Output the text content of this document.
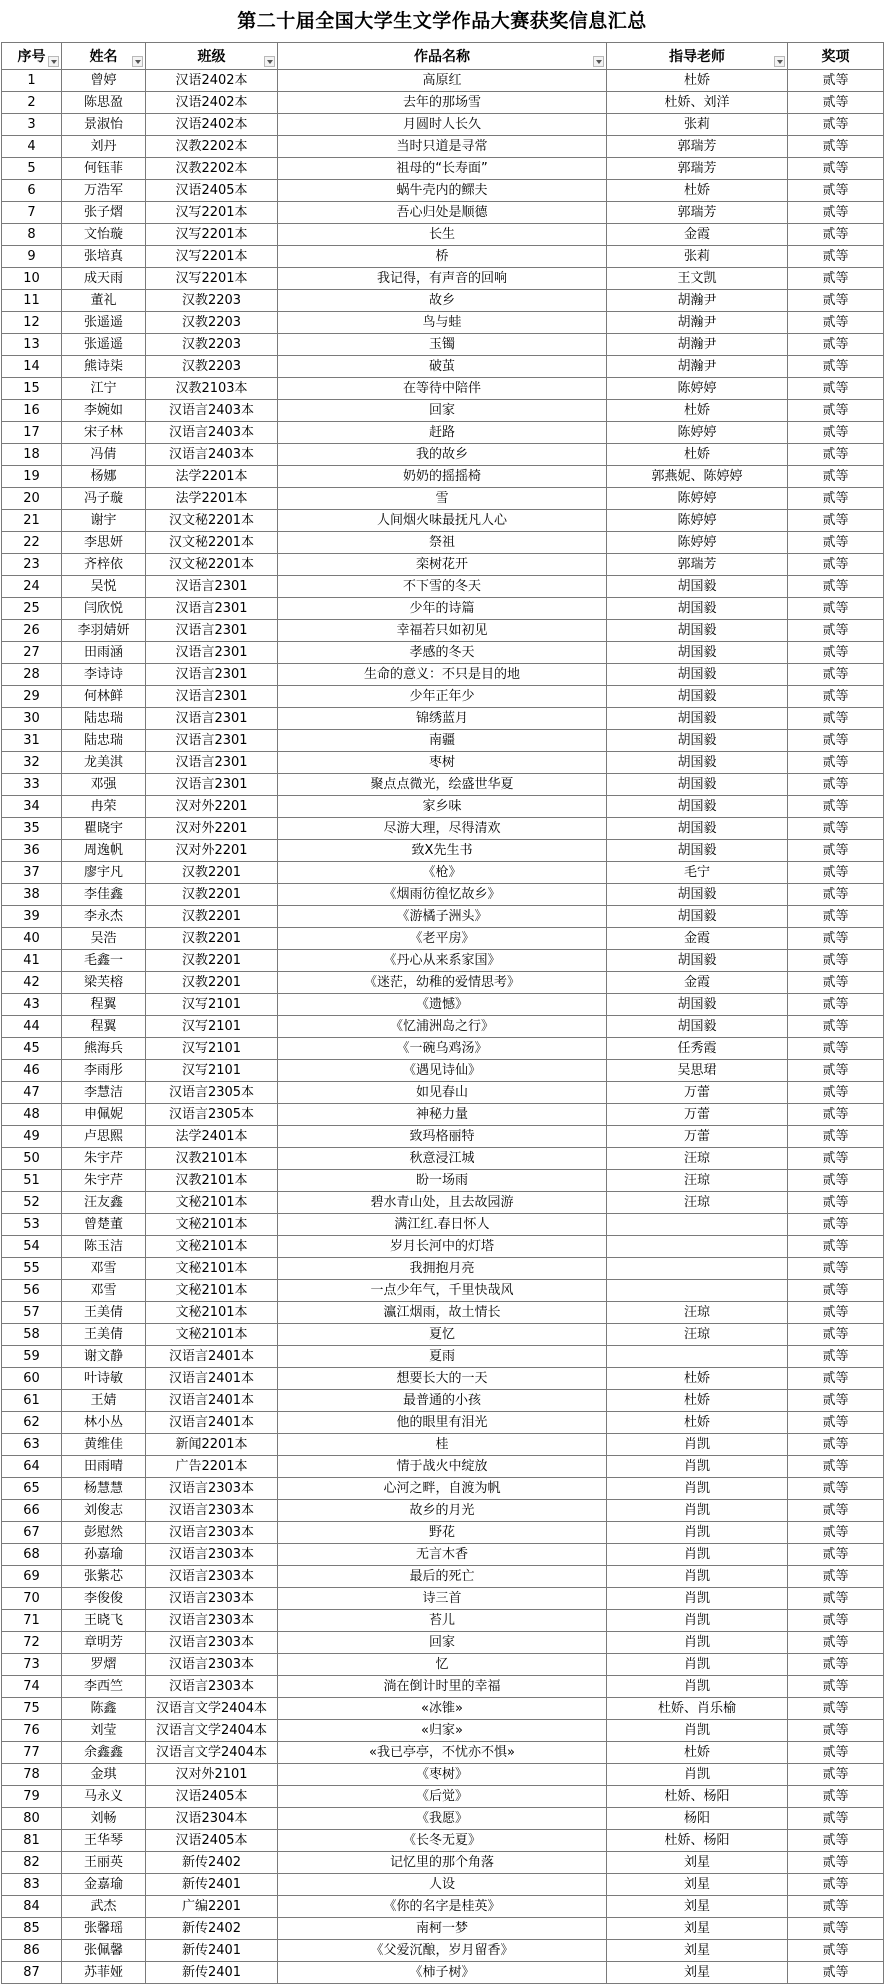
第二十届全国大学生文学作品大赛获奖信息汇总
序号	姓名	班级	作品名称	指导老师	奖项
1	曾婷	汉语2402本	高原红	杜娇	贰等
2	陈思盈	汉语2402本	去年的那场雪	杜娇、刘洋	贰等
3	景淑怡	汉语2402本	月圆时人长久	张莉	贰等
4	刘丹	汉教2202本	当时只道是寻常	郭瑞芳	贰等
5	何钰菲	汉教2202本	祖母的“长寿面”	郭瑞芳	贰等
6	万浩军	汉语2405本	蜗牛壳内的鳏夫	杜娇	贰等
7	张子熠	汉写2201本	吾心归处是顺德	郭瑞芳	贰等
8	文怡璇	汉写2201本	长生	金霞	贰等
9	张培真	汉写2201本	桥	张莉	贰等
10	成天雨	汉写2201本	我记得，有声音的回响	王文凯	贰等
11	董礼	汉教2203	故乡	胡瀚尹	贰等
12	张遥遥	汉教2203	鸟与蛙	胡瀚尹	贰等
13	张遥遥	汉教2203	玉镯	胡瀚尹	贰等
14	熊诗柒	汉教2203	破茧	胡瀚尹	贰等
15	江宁	汉教2103本	在等待中陪伴	陈婷婷	贰等
16	李婉如	汉语言2403本	回家	杜娇	贰等
17	宋子林	汉语言2403本	赶路	陈婷婷	贰等
18	冯倩	汉语言2403本	我的故乡	杜娇	贰等
19	杨娜	法学2201本	奶奶的摇摇椅	郭燕妮、陈婷婷	贰等
20	冯子璇	法学2201本	雪	陈婷婷	贰等
21	谢宇	汉文秘2201本	人间烟火味最抚凡人心	陈婷婷	贰等
22	李思妍	汉文秘2201本	祭祖	陈婷婷	贰等
23	齐梓依	汉文秘2201本	栾树花开	郭瑞芳	贰等
24	吴悦	汉语言2301	不下雪的冬天	胡国毅	贰等
25	闫欣悦	汉语言2301	少年的诗篇	胡国毅	贰等
26	李羽婧妍	汉语言2301	幸福若只如初见	胡国毅	贰等
27	田雨涵	汉语言2301	孝感的冬天	胡国毅	贰等
28	李诗诗	汉语言2301	生命的意义：不只是目的地	胡国毅	贰等
29	何林鲜	汉语言2301	少年正年少	胡国毅	贰等
30	陆忠瑞	汉语言2301	锦绣蓝月	胡国毅	贰等
31	陆忠瑞	汉语言2301	南疆	胡国毅	贰等
32	龙美淇	汉语言2301	枣树	胡国毅	贰等
33	邓强	汉语言2301	聚点点微光，绘盛世华夏	胡国毅	贰等
34	冉荣	汉对外2201	家乡味	胡国毅	贰等
35	瞿晓宇	汉对外2201	尽游大理，尽得清欢	胡国毅	贰等
36	周逸帆	汉对外2201	致X先生书	胡国毅	贰等
37	廖宇凡	汉教2201	《枪》	毛宁	贰等
38	李佳鑫	汉教2201	《烟雨彷徨忆故乡》	胡国毅	贰等
39	李永杰	汉教2201	《游橘子洲头》	胡国毅	贰等
40	吴浩	汉教2201	《老平房》	金霞	贰等
41	毛鑫一	汉教2201	《丹心从来系家国》	胡国毅	贰等
42	梁芙榕	汉教2201	《迷茫，幼稚的爱情思考》	金霞	贰等
43	程翼	汉写2101	《遗憾》	胡国毅	贰等
44	程翼	汉写2101	《忆浦洲岛之行》	胡国毅	贰等
45	熊海兵	汉写2101	《一碗乌鸡汤》	任秀霞	贰等
46	李雨彤	汉写2101	《遇见诗仙》	吴思珺	贰等
47	李慧洁	汉语言2305本	如见春山	万蕾	贰等
48	申佩妮	汉语言2305本	神秘力量	万蕾	贰等
49	卢思熙	法学2401本	致玛格丽特	万蕾	贰等
50	朱宇芹	汉教2101本	秋意浸江城	汪琼	贰等
51	朱宇芹	汉教2101本	盼一场雨	汪琼	贰等
52	汪友鑫	文秘2101本	碧水青山处，且去故园游	汪琼	贰等
53	曾楚董	文秘2101本	满江红.春日怀人		贰等
54	陈玉洁	文秘2101本	岁月长河中的灯塔		贰等
55	邓雪	文秘2101本	我拥抱月亮		贰等
56	邓雪	文秘2101本	一点少年气，千里快哉风		贰等
57	王美倩	文秘2101本	瀛江烟雨，故土情长	汪琼	贰等
58	王美倩	文秘2101本	夏忆	汪琼	贰等
59	谢文静	汉语言2401本	夏雨		贰等
60	叶诗敏	汉语言2401本	想要长大的一天	杜娇	贰等
61	王婧	汉语言2401本	最普通的小孩	杜娇	贰等
62	林小丛	汉语言2401本	他的眼里有泪光	杜娇	贰等
63	黄维佳	新闻2201本	桂	肖凯	贰等
64	田雨晴	广告2201本	情于战火中绽放	肖凯	贰等
65	杨慧慧	汉语言2303本	心河之畔，自渡为帆	肖凯	贰等
66	刘俊志	汉语言2303本	故乡的月光	肖凯	贰等
67	彭慰然	汉语言2303本	野花	肖凯	贰等
68	孙嘉瑜	汉语言2303本	无言木香	肖凯	贰等
69	张紫芯	汉语言2303本	最后的死亡	肖凯	贰等
70	李俊俊	汉语言2303本	诗三首	肖凯	贰等
71	王晓飞	汉语言2303本	苔儿	肖凯	贰等
72	章明芳	汉语言2303本	回家	肖凯	贰等
73	罗熠	汉语言2303本	忆	肖凯	贰等
74	李西竺	汉语言2303本	淌在倒计时里的幸福	肖凯	贰等
75	陈鑫	汉语言文学2404本	«冰锥»	杜娇、肖乐榆	贰等
76	刘莹	汉语言文学2404本	«归家»	肖凯	贰等
77	余鑫鑫	汉语言文学2404本	«我已亭亭，不忧亦不惧»	杜娇	贰等
78	金琪	汉对外2101	《枣树》	肖凯	贰等
79	马永义	汉语2405本	《后觉》	杜娇、杨阳	贰等
80	刘畅	汉语2304本	《我愿》	杨阳	贰等
81	王华琴	汉语2405本	《长冬无夏》	杜娇、杨阳	贰等
82	王丽英	新传2402	记忆里的那个角落	刘星	贰等
83	金嘉瑜	新传2401	人设	刘星	贰等
84	武杰	广编2201	《你的名字是桂英》	刘星	贰等
85	张馨瑶	新传2402	南柯一梦	刘星	贰等
86	张佩馨	新传2401	《父爱沉酿，岁月留香》	刘星	贰等
87	苏菲娅	新传2401	《柿子树》	刘星	贰等
